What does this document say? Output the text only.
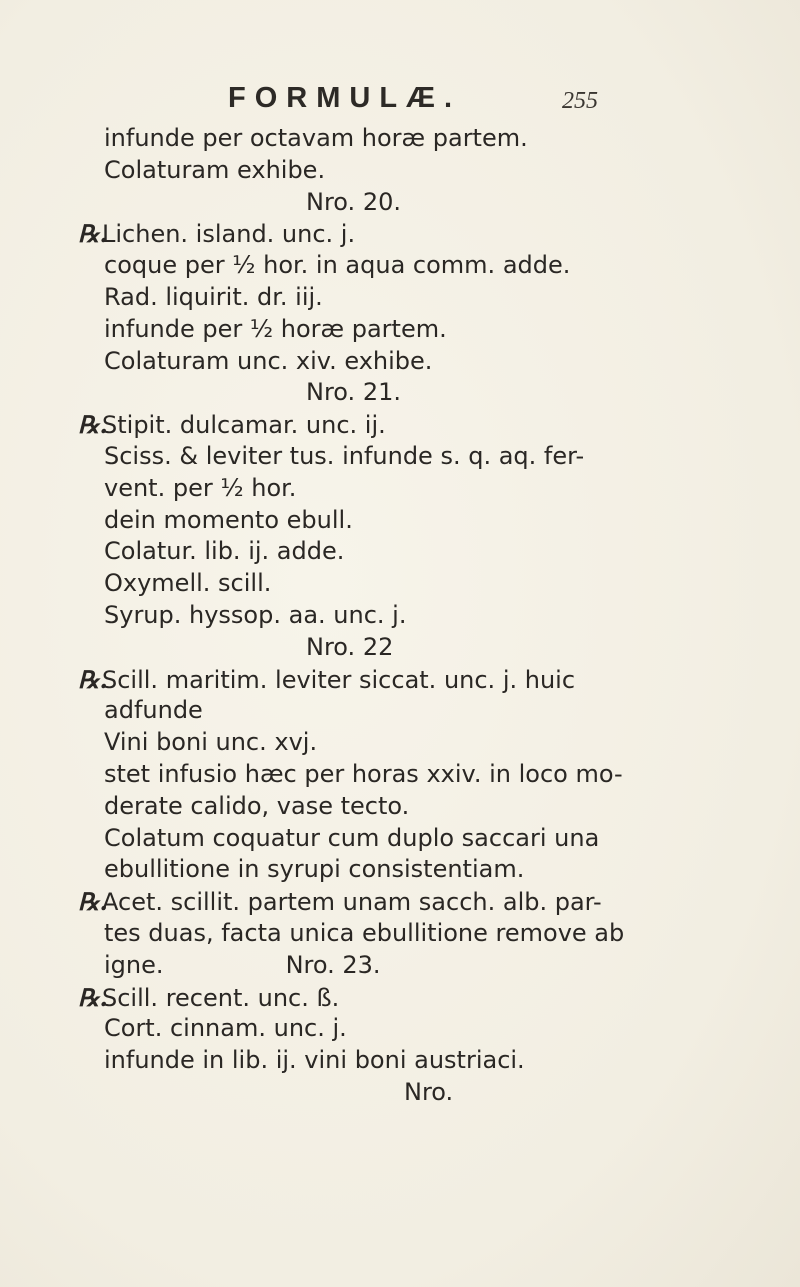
FORMULÆ.	255
infunde per octavam horæ partem.
Colaturam exhibe.
Nro. 20.
℞.Lichen. island. unc. j.
coque per ½ hor. in aqua comm. adde.
Rad. liquirit. dr. iij.
infunde per ½ horæ partem.
Colaturam unc. xiv. exhibe.
Nro. 21.
℞.Stipit. dulcamar. unc. ij.
Sciss. & leviter tus. infunde s. q. aq. fer-
vent. per ½ hor.
dein momento ebull.
Colatur. lib. ij. adde.
Oxymell. scill.
Syrup. hyssop. aa. unc. j.
Nro. 22
℞.Scill. maritim. leviter siccat. unc. j. huic
adfunde
Vini boni unc. xvj.
stet infusio hæc per horas xxiv. in loco mo-
derate calido, vase tecto.
Colatum coquatur cum duplo saccari una
ebullitione in syrupi consistentiam.
℞.Acet. scillit. partem unam sacch. alb. par-
tes duas, facta unica ebullitione remove ab
igne.                Nro. 23.
℞.Scill. recent. unc. ß.
Cort. cinnam. unc. j.
infunde in lib. ij. vini boni austriaci.
Nro.
